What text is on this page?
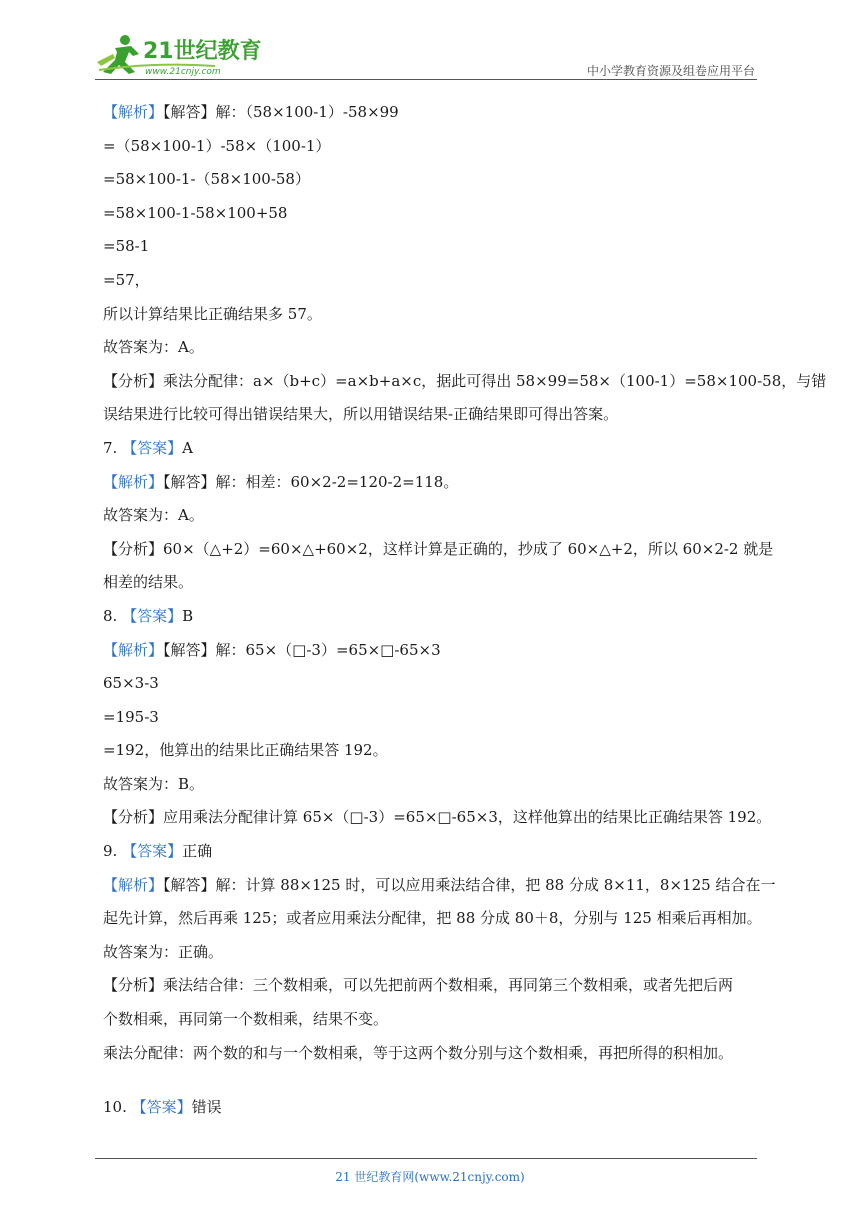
21世纪教育
www.21cnjy.com	中小学教育资源及组卷应用平台
【解析】【解答】解：（58×100-1）-58×99
=（58×100-1）-58×（100-1）
=58×100-1-（58×100-58）
=58×100-1-58×100+58
=58-1
=57，
所以计算结果比正确结果多 57。
故答案为：A。
【分析】乘法分配律：a×（b+c）=a×b+a×c，据此可得出 58×99=58×（100-1）=58×100-58，与错
误结果进行比较可得出错误结果大，所以用错误结果-正确结果即可得出答案。
7. 【答案】A
【解析】【解答】解：相差：60×2-2=120-2=118。
故答案为：A。
【分析】60×（△+2）=60×△+60×2，这样计算是正确的，抄成了 60×△+2，所以 60×2-2 就是
相差的结果。
8. 【答案】B
【解析】【解答】解：65×（□-3）=65×□-65×3
65×3-3
=195-3
=192，他算出的结果比正确结果答 192。
故答案为：B。
【分析】应用乘法分配律计算 65×（□-3）=65×□-65×3，这样他算出的结果比正确结果答 192。
9. 【答案】正确
【解析】【解答】解：计算 88×125 时，可以应用乘法结合律，把 88 分成 8×11，8×125 结合在一
起先计算，然后再乘 125；或者应用乘法分配律，把 88 分成 80＋8，分别与 125 相乘后再相加。
故答案为：正确。
【分析】乘法结合律：三个数相乘，可以先把前两个数相乘，再同第三个数相乘，或者先把后两
个数相乘，再同第一个数相乘，结果不变。
乘法分配律：两个数的和与一个数相乘，等于这两个数分别与这个数相乘，再把所得的积相加。
10. 【答案】错误
21 世纪教育网(www.21cnjy.com)
